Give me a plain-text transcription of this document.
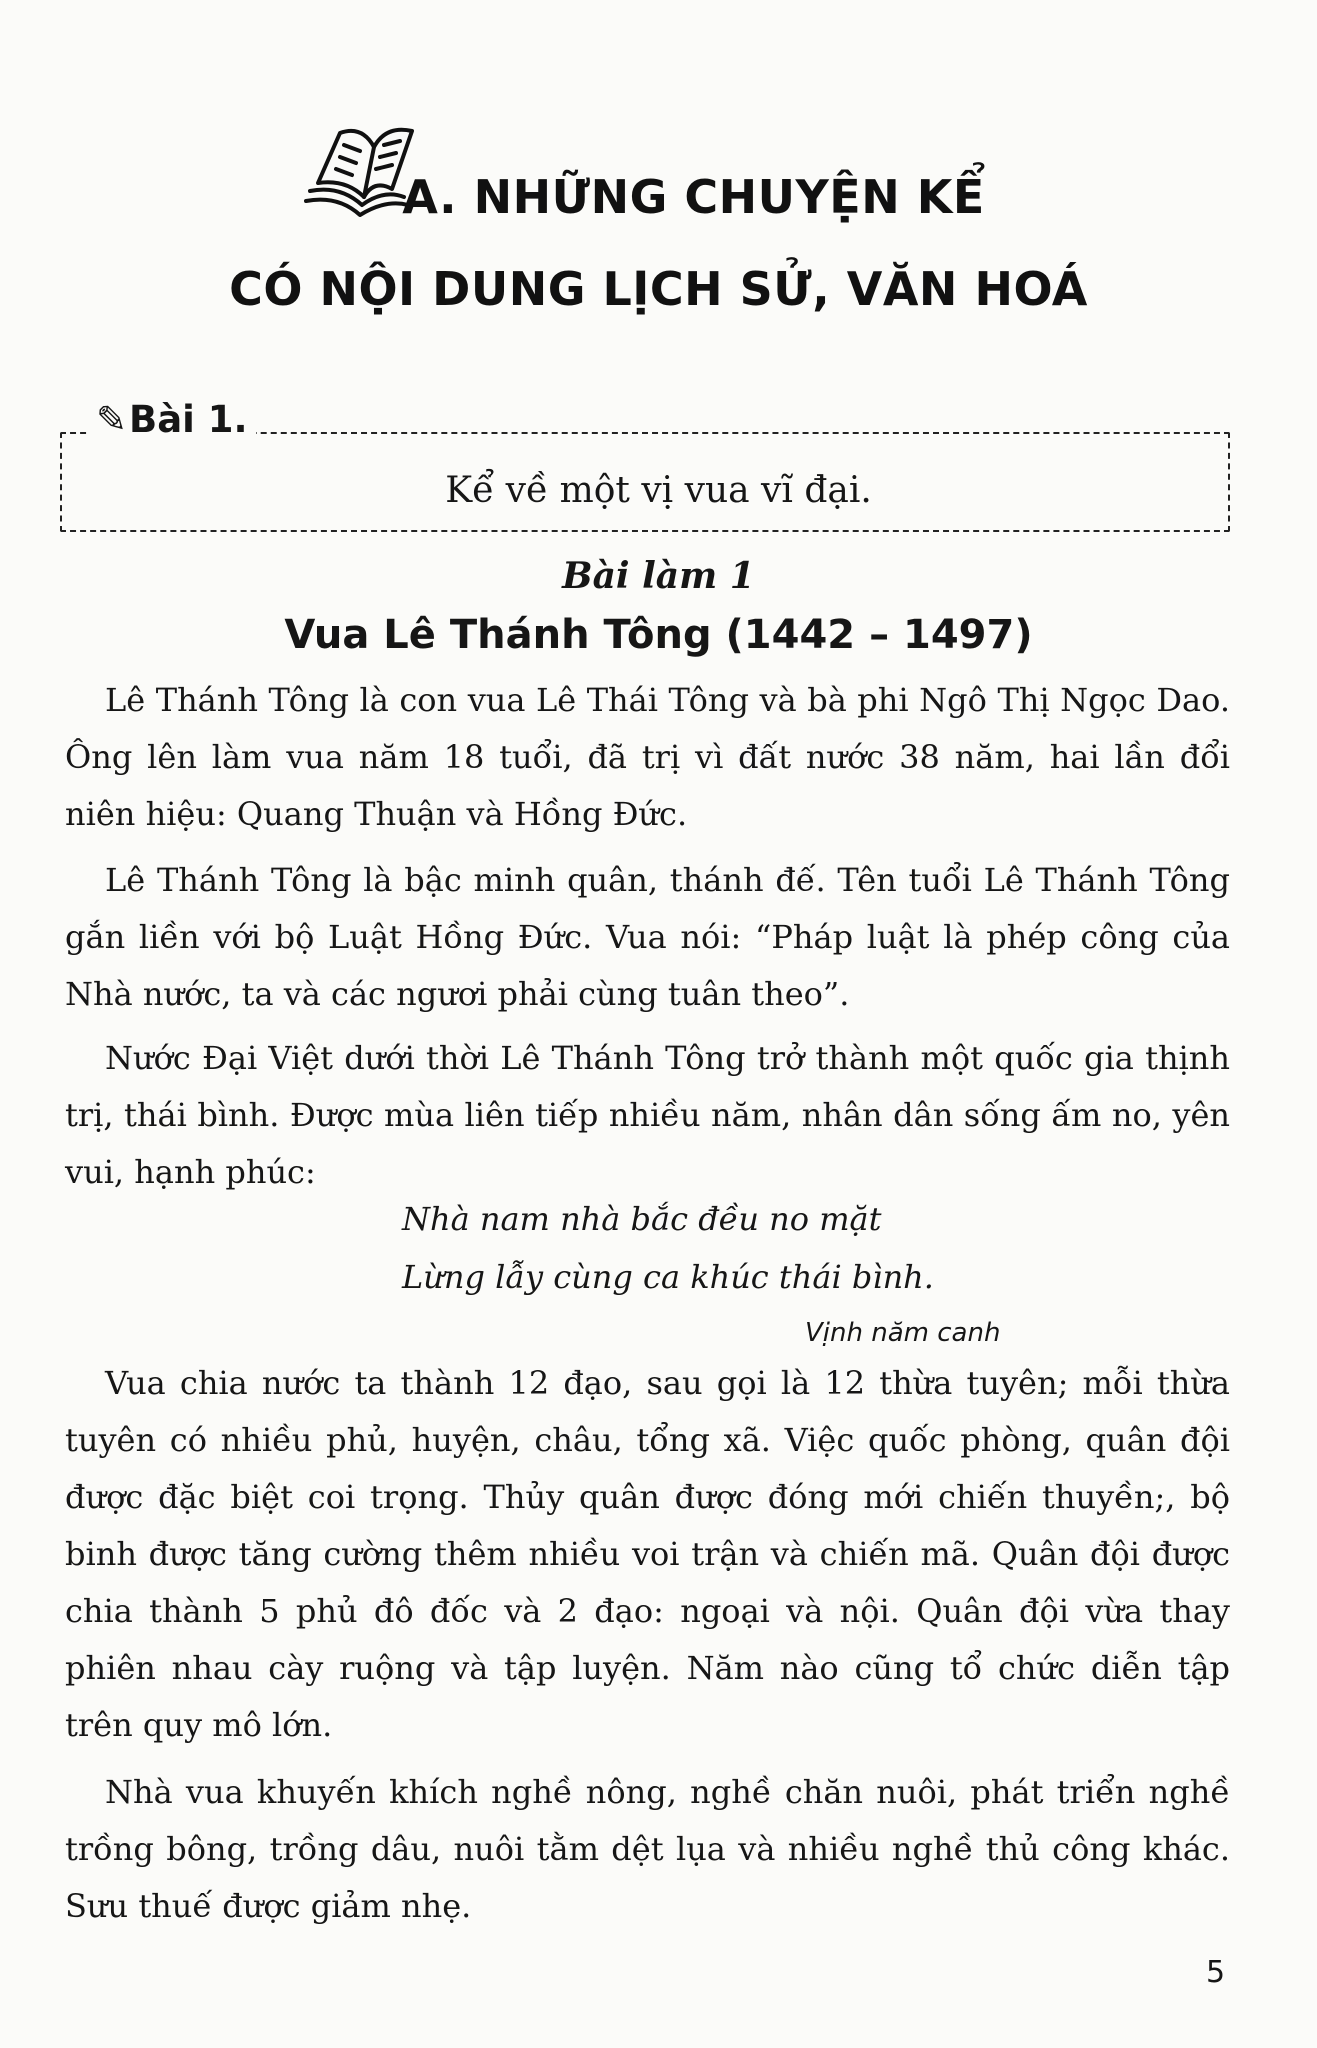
A. NHỮNG CHUYỆN KỂ
CÓ NỘI DUNG LỊCH SỬ, VĂN HOÁ
✎Bài 1.
Kể về một vị vua vĩ đại.
Bài làm 1
Vua Lê Thánh Tông (1442 – 1497)

Lê Thánh Tông là con vua Lê Thái Tông và bà phi Ngô Thị Ngọc Dao. Ông lên làm vua năm 18 tuổi, đã trị vì đất nước 38 năm, hai lần đổi niên hiệu: Quang Thuận và Hồng Đức.

Lê Thánh Tông là bậc minh quân, thánh đế. Tên tuổi Lê Thánh Tông gắn liền với bộ Luật Hồng Đức. Vua nói: “Pháp luật là phép công của Nhà nước, ta và các ngươi phải cùng tuân theo”.

Nước Đại Việt dưới thời Lê Thánh Tông trở thành một quốc gia thịnh trị, thái bình. Được mùa liên tiếp nhiều năm, nhân dân sống ấm no, yên vui, hạnh phúc:

Nhà nam nhà bắc đều no mặt
Lừng lẫy cùng ca khúc thái bình.
Vịnh năm canh

Vua chia nước ta thành 12 đạo, sau gọi là 12 thừa tuyên; mỗi thừa tuyên có nhiều phủ, huyện, châu, tổng xã. Việc quốc phòng, quân đội được đặc biệt coi trọng. Thủy quân được đóng mới chiến thuyền;, bộ binh được tăng cường thêm nhiều voi trận và chiến mã. Quân đội được chia thành 5 phủ đô đốc và 2 đạo: ngoại và nội. Quân đội vừa thay phiên nhau cày ruộng và tập luyện. Năm nào cũng tổ chức diễn tập trên quy mô lớn.

Nhà vua khuyến khích nghề nông, nghề chăn nuôi, phát triển nghề trồng bông, trồng dâu, nuôi tằm dệt lụa và nhiều nghề thủ công khác. Sưu thuế được giảm nhẹ.

5
